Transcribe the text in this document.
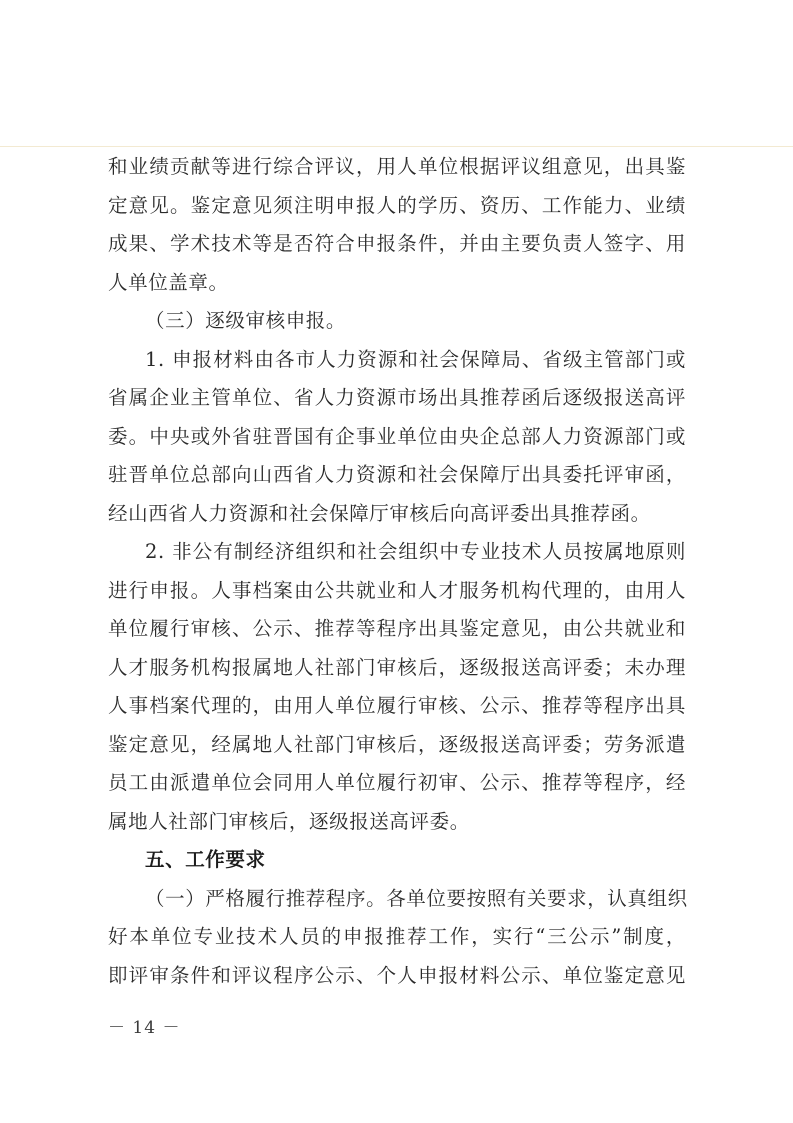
和业绩贡献等进行综合评议，用人单位根据评议组意见，出具鉴
定意见。鉴定意见须注明申报人的学历、资历、工作能力、业绩
成果、学术技术等是否符合申报条件，并由主要负责人签字、用
人单位盖章。
（三）逐级审核申报。
1. 申报材料由各市人力资源和社会保障局、省级主管部门或
省属企业主管单位、省人力资源市场出具推荐函后逐级报送高评
委。中央或外省驻晋国有企事业单位由央企总部人力资源部门或
驻晋单位总部向山西省人力资源和社会保障厅出具委托评审函，
经山西省人力资源和社会保障厅审核后向高评委出具推荐函。
2. 非公有制经济组织和社会组织中专业技术人员按属地原则
进行申报。人事档案由公共就业和人才服务机构代理的，由用人
单位履行审核、公示、推荐等程序出具鉴定意见，由公共就业和
人才服务机构报属地人社部门审核后，逐级报送高评委；未办理
人事档案代理的，由用人单位履行审核、公示、推荐等程序出具
鉴定意见，经属地人社部门审核后，逐级报送高评委；劳务派遣
员工由派遣单位会同用人单位履行初审、公示、推荐等程序，经
属地人社部门审核后，逐级报送高评委。
五、工作要求
（一）严格履行推荐程序。各单位要按照有关要求，认真组织
好本单位专业技术人员的申报推荐工作，实行“三公示”制度，
即评审条件和评议程序公示、个人申报材料公示、单位鉴定意见
－ 14 －
